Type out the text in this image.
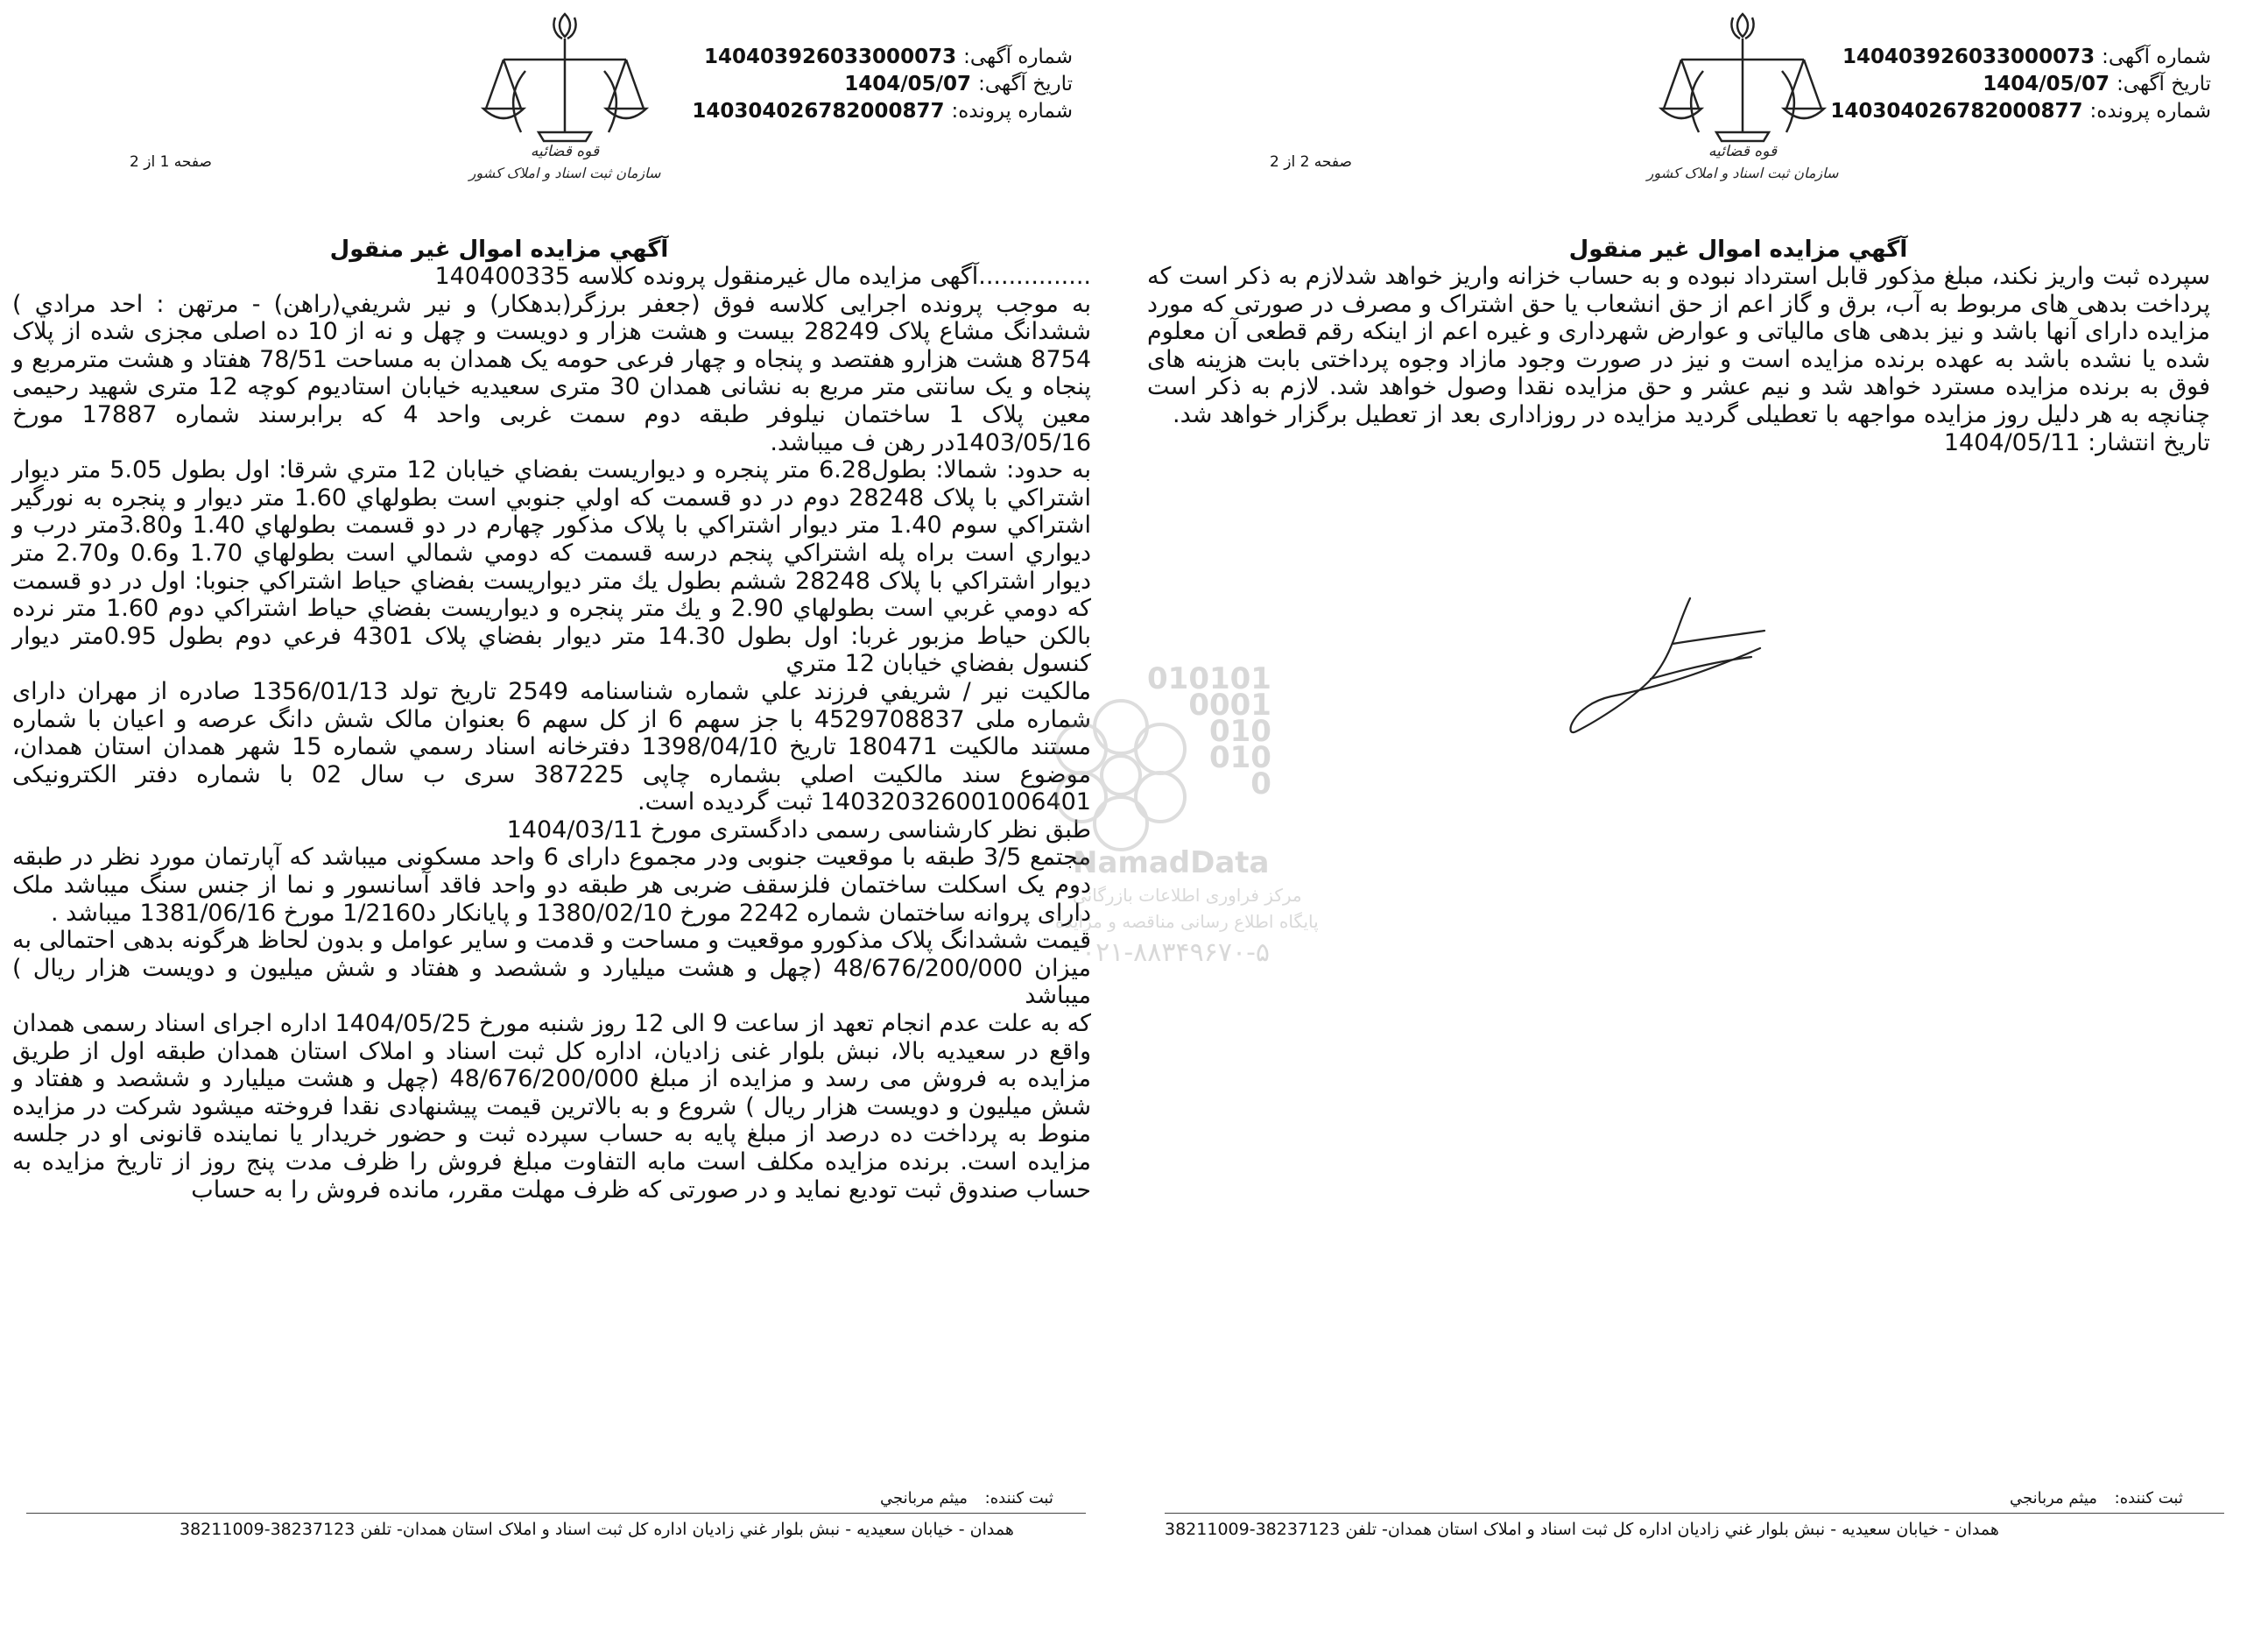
قوه قضائيه
سازمان ثبت اسناد و املاک کشور
شماره آگهی: 140403926033000073
تاریخ آگهی: 1404/05/07
شماره پرونده: 140304026782000877
صفحه 1 از 2
آگهي مزايده اموال غير منقول

...............آگهی مزایده مال غیرمنقول پرونده کلاسه 140400335

به موجب پرونده اجرایی کلاسه فوق (جعفر برزگر(بدهکار) و نیر شریفي(راهن) - مرتهن : احد مرادي ) ششدانگ مشاع پلاک 28249 بیست و هشت هزار و دویست و چهل و نه از 10 ده اصلی مجزی شده از پلاک 8754 هشت هزارو هفتصد و پنجاه و چهار فرعی حومه یک همدان به مساحت 78/51 هفتاد و هشت مترمربع و پنجاه و یک سانتی متر مربع به نشانی همدان 30 متری سعیدیه خیابان استادیوم کوچه 12 متری شهید رحیمی معین پلاک 1 ساختمان نیلوفر طبقه دوم سمت غربی واحد 4 که برابرسند شماره 17887 مورخ 1403/05/16در رهن ف میباشد.

به حدود: شمالا: بطول6.28 متر پنجره و دیواریست بفضاي خیابان 12 متري شرقا: اول بطول 5.05 متر دیوار اشتراکي با پلاک 28248 دوم در دو قسمت که اولي جنوبي است بطولهاي 1.60 متر دیوار و پنجره به نورگیر اشتراکي سوم 1.40 متر دیوار اشتراکي با پلاک مذکور چهارم در دو قسمت بطولهاي 1.40 و3.80متر درب و دیواري است براه پله اشتراکي پنجم درسه قسمت که دومي شمالي است بطولهاي 1.70 و0.6 و2.70 متر دیوار اشتراکي با پلاک 28248 ششم بطول یك متر دیواریست بفضاي حیاط اشتراکي جنوبا: اول در دو قسمت که دومي غربي است بطولهاي 2.90 و یك متر پنجره و دیواریست بفضاي حیاط اشتراکي دوم 1.60 متر نرده بالکن حیاط مزبور غربا: اول بطول 14.30 متر دیوار بفضاي پلاک 4301 فرعي دوم بطول 0.95متر دیوار کنسول بفضاي خیابان 12 متري

مالکیت نیر / شریفي فرزند علي شماره شناسنامه 2549 تاریخ تولد 1356/01/13 صادره از مهران دارای شماره ملی 4529708837 با جز سهم 6 از کل سهم 6 بعنوان مالک شش دانگ عرصه و اعیان با شماره مستند مالکیت 180471 تاریخ 1398/04/10 دفترخانه اسناد رسمي شماره 15 شهر همدان استان همدان، موضوع سند مالکیت اصلي بشماره چاپی 387225 سری ب سال 02 با شماره دفتر الکترونیکی 140320326001006401 ثبت گردیده است.

طبق نظر کارشناسی رسمی دادگستری مورخ 1404/03/11

مجتمع 3/5 طبقه با موقعیت جنوبی ودر مجموع دارای 6 واحد مسکونی میباشد که آپارتمان مورد نظر در طبقه دوم یک اسکلت ساختمان فلزسقف ضربی هر طبقه دو واحد فاقد آسانسور و نما از جنس سنگ میباشد ملک دارای پروانه ساختمان شماره 2242 مورخ 1380/02/10 و پایانکار د1/2160 مورخ 1381/06/16 میباشد .

قیمت ششدانگ پلاک مذکورو موقعیت و مساحت و قدمت و سایر عوامل و بدون لحاظ هرگونه بدهی احتمالی به میزان 48/676/200/000 (چهل و هشت میلیارد و ششصد و هفتاد و شش میلیون و دویست هزار ریال ) میباشد

که به علت عدم انجام تعهد از ساعت 9 الی 12 روز شنبه مورخ 1404/05/25 اداره اجرای اسناد رسمی همدان واقع در سعیدیه بالا، نبش بلوار غنی زادیان، اداره کل ثبت اسناد و املاک استان همدان طبقه اول از طریق مزایده به فروش می رسد و مزایده از مبلغ 48/676/200/000 (چهل و هشت میلیارد و ششصد و هفتاد و شش میلیون و دویست هزار ریال ) شروع و به بالاترین قیمت پیشنهادی نقدا فروخته میشود شرکت در مزایده منوط به پرداخت ده درصد از مبلغ پایه به حساب سپرده ثبت و حضور خریدار یا نماینده قانونی او در جلسه مزایده است. برنده مزایده مکلف است مابه التفاوت مبلغ فروش را ظرف مدت پنج روز از تاریخ مزایده به حساب صندوق ثبت تودیع نماید و در صورتی که ظرف مهلت مقرر، مانده فروش را به حساب

ثبت کننده: میثم مربانجي
همدان - خیابان سعیدیه - نبش بلوار غني زادیان اداره کل ثبت اسناد و املاک استان همدان- تلفن 38237123-38211009
قوه قضائيه
سازمان ثبت اسناد و املاک کشور
شماره آگهی: 140403926033000073
تاریخ آگهی: 1404/05/07
شماره پرونده: 140304026782000877
صفحه 2 از 2
آگهي مزايده اموال غير منقول

سپرده ثبت واریز نکند، مبلغ مذکور قابل استرداد نبوده و به حساب خزانه واریز خواهد شدلازم به ذکر است که پرداخت بدهی های مربوط به آب، برق و گاز اعم از حق انشعاب یا حق اشتراک و مصرف در صورتی که مورد مزایده دارای آنها باشد و نیز بدهی های مالیاتی و عوارض شهرداری و غیره اعم از اینکه رقم قطعی آن معلوم شده یا نشده باشد به عهده برنده مزایده است و نیز در صورت وجود مازاد وجوه پرداختی بابت هزینه های فوق به برنده مزایده مسترد خواهد شد و نیم عشر و حق مزایده نقدا وصول خواهد شد. لازم به ذکر است چنانچه به هر دلیل روز مزایده مواجهه با تعطیلی گردید مزایده در روزاداری بعد از تعطیل برگزار خواهد شد.

تاریخ انتشار: 1404/05/11

ثبت کننده: میثم مربانجي
همدان - خیابان سعیدیه - نبش بلوار غني زادیان اداره کل ثبت اسناد و املاک استان همدان- تلفن 38237123-38211009
010101
0001
010
010
0
NamadData
مرکز فراوری اطلاعات بازرگانی
پایگاه اطلاع رسانی مناقصه و مزایده
۰۲۱-۸۸۳۴۹۶۷۰-۵
